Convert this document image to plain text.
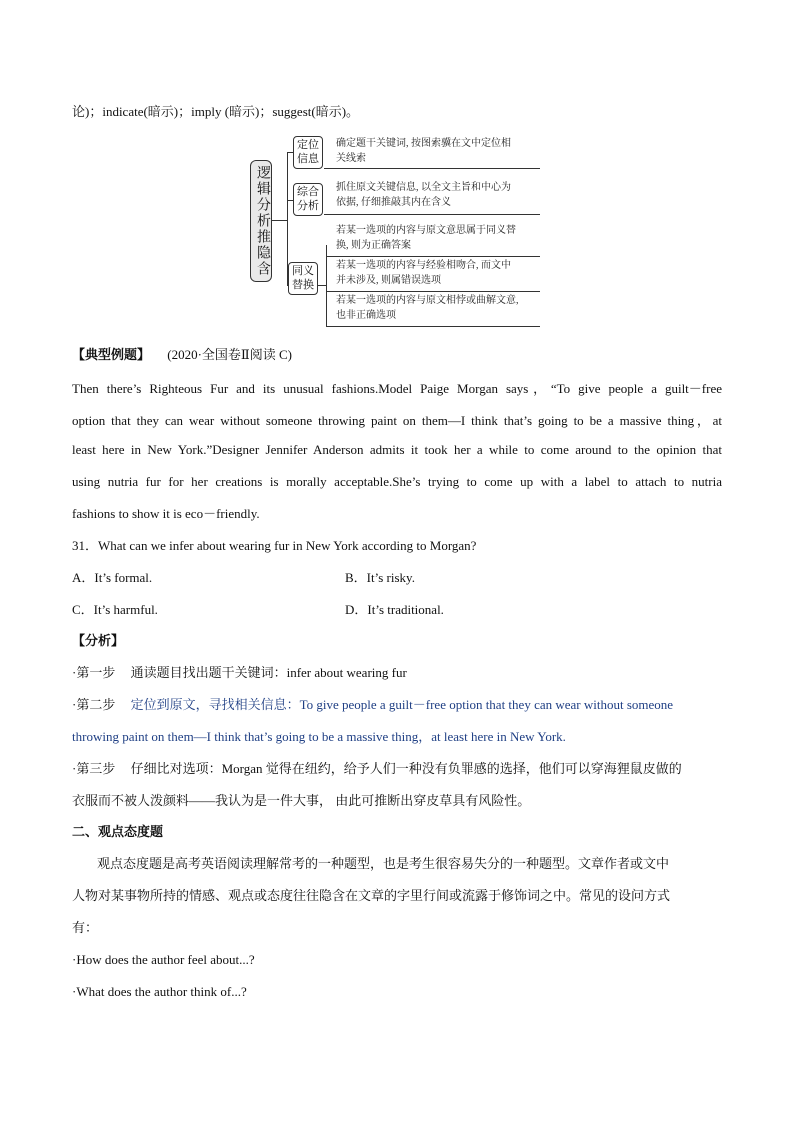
论)；indicate(暗示)；imply (暗示)；suggest(暗示)。
逻辑分析推隐含
定位信息
确定题干关键词, 按图索骥在文中定位相
关线索
综合分析
抓住原文关键信息, 以全文主旨和中心为
依据, 仔细推敲其内在含义
同义替换
若某一选项的内容与原文意思属于同义替
换, 则为正确答案
若某一选项的内容与经验相吻合, 而文中
并未涉及, 则属错误选项
若某一选项的内容与原文相悖或曲解文意,
也非正确选项
【典型例题】 (2020·全国卷Ⅱ阅读 C)
Then there’s Righteous Fur and its unusual fashions.Model Paige Morgan says，“To give people a guilt－free
option that they can wear without someone throwing paint on them—I think that’s going to be a massive thing，at
least here in New York.”Designer Jennifer Anderson admits it took her a while to come around to the opinion that
using nutria fur for her creations is morally acceptable.She’s trying to come up with a label to attach to nutria
fashions to show it is eco－friendly.
31．What can we infer about wearing fur in New York according to Morgan?
A．It’s formal.	B．It’s risky.
C．It’s harmful.	D．It’s traditional.
【分析】
·第一步 通读题目找出题干关键词：infer about wearing fur
·第二步 定位到原文，寻找相关信息：To give people a guilt－free option that they can wear without someone
throwing paint on them—I think that’s going to be a massive thing，at least here in New York.
·第三步 仔细比对选项：Morgan 觉得在纽约，给予人们一种没有负罪感的选择，他们可以穿海狸鼠皮做的
衣服而不被人泼颜料——我认为是一件大事， 由此可推断出穿皮草具有风险性。
二、观点态度题
观点态度题是高考英语阅读理解常考的一种题型，也是考生很容易失分的一种题型。文章作者或文中
人物对某事物所持的情感、观点或态度往往隐含在文章的字里行间或流露于修饰词之中。常见的设问方式
有：
·How does the author feel about...?
·What does the author think of...?
